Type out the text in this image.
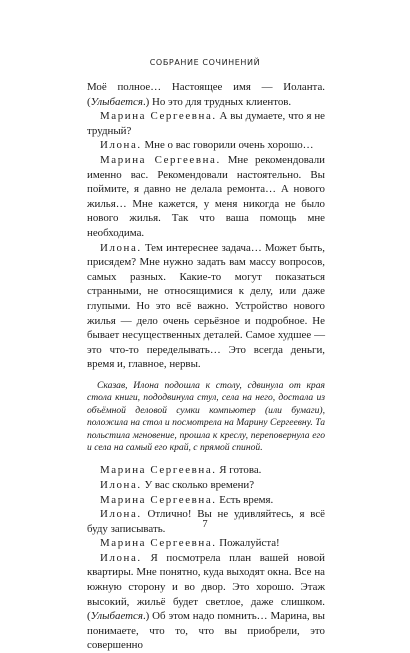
СОБРАНИЕ СОЧИНЕНИЙ

Моё полное… Настоящее имя — Иоланта. (Улыбается.) Но это для трудных клиентов.

Марина Сергеевна. А вы думаете, что я не трудный?

Илона. Мне о вас говорили очень хорошо…

Марина Сергеевна. Мне рекомендовали именно вас. Рекомендовали настоятельно. Вы поймите, я давно не делала ремонта… А нового жилья… Мне кажется, у меня никогда не было нового жилья. Так что ваша помощь мне необходима.

Илона. Тем интереснее задача… Может быть, присядем? Мне нужно задать вам массу вопросов, самых разных. Какие-то могут показаться странными, не относящимися к делу, или даже глупыми. Но это всё важно. Устройство нового жилья — дело очень серьёзное и подробное. Не бывает несущественных деталей. Самое худшее — это что-то переделывать… Это всегда деньги, время и, главное, нервы.

Сказав, Илона подошла к столу, сдвинула от края стола книги, пододвинула стул, села на него, достала из объёмной деловой сумки компьютер (или бумаги), положила на стол и посмотрела на Марину Сергеевну. Та польстила мгновение, прошла к креслу, переповернула его и села на самый его край, с прямой спиной.

Марина Сергеевна. Я готова.

Илона. У вас сколько времени?

Марина Сергеевна. Есть время.

Илона. Отлично! Вы не удивляйтесь, я всё буду записывать.

Марина Сергеевна. Пожалуйста!

Илона. Я посмотрела план вашей новой квартиры. Мне понятно, куда выходят окна. Все на южную сторону и во двор. Это хорошо. Этаж высокий, жильё будет светлое, даже слишком. (Улыбается.) Об этом надо помнить… Марина, вы понимаете, что то, что вы приобрели, это совершенно

7
